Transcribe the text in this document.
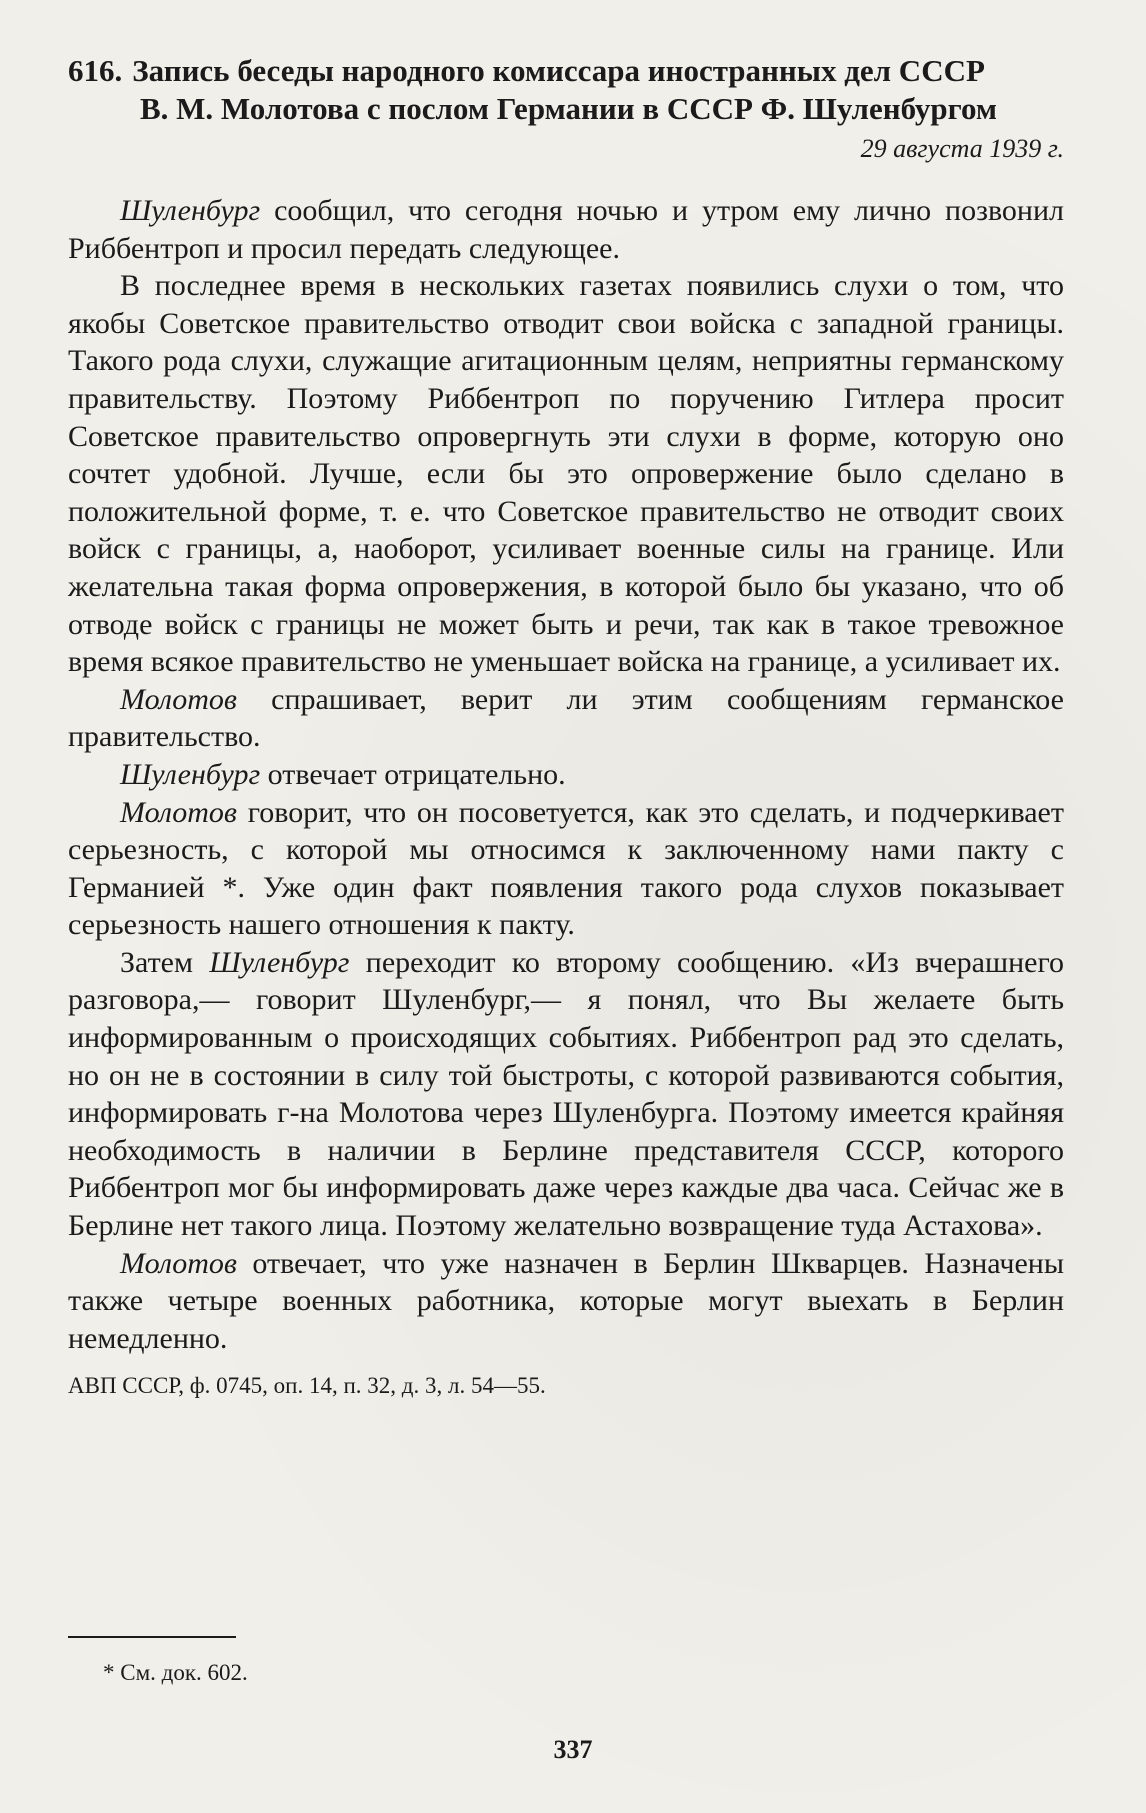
616. Запись беседы народного комиссара иностранных дел СССР
В. М. Молотова с послом Германии в СССР Ф. Шуленбургом
29 августа 1939 г.

Шуленбург сообщил, что сегодня ночью и утром ему лично позвонил Риббентроп и просил передать следующее.

В последнее время в нескольких газетах появились слухи о том, что якобы Советское правительство отводит свои войска с западной границы. Такого рода слухи, служащие агитационным целям, неприятны германскому правительству. Поэтому Риббентроп по поручению Гитлера просит Советское правительство опровергнуть эти слухи в форме, которую оно сочтет удобной. Лучше, если бы это опровержение было сделано в положительной форме, т. е. что Советское правительство не отводит своих войск с границы, а, наоборот, усиливает военные силы на границе. Или желательна такая форма опровержения, в которой было бы указано, что об отводе войск с границы не может быть и речи, так как в такое тревожное время всякое правительство не уменьшает войска на границе, а усиливает их.

Молотов спрашивает, верит ли этим сообщениям германское правительство.

Шуленбург отвечает отрицательно.

Молотов говорит, что он посоветуется, как это сделать, и подчеркивает серьезность, с которой мы относимся к заключенному нами пакту с Германией *. Уже один факт появления такого рода слухов показывает серьезность нашего отношения к пакту.

Затем Шуленбург переходит ко второму сообщению. «Из вчерашнего разговора,— говорит Шуленбург,— я понял, что Вы желаете быть информированным о происходящих событиях. Риббентроп рад это сделать, но он не в состоянии в силу той быстроты, с которой развиваются события, информировать г-на Молотова через Шуленбурга. Поэтому имеется крайняя необходимость в наличии в Берлине представителя СССР, которого Риббентроп мог бы информировать даже через каждые два часа. Сейчас же в Берлине нет такого лица. Поэтому желательно возвращение туда Астахова».

Молотов отвечает, что уже назначен в Берлин Шкварцев. Назначены также четыре военных работника, которые могут выехать в Берлин немедленно.

АВП СССР, ф. 0745, оп. 14, п. 32, д. 3, л. 54—55.

* См. док. 602.
337
